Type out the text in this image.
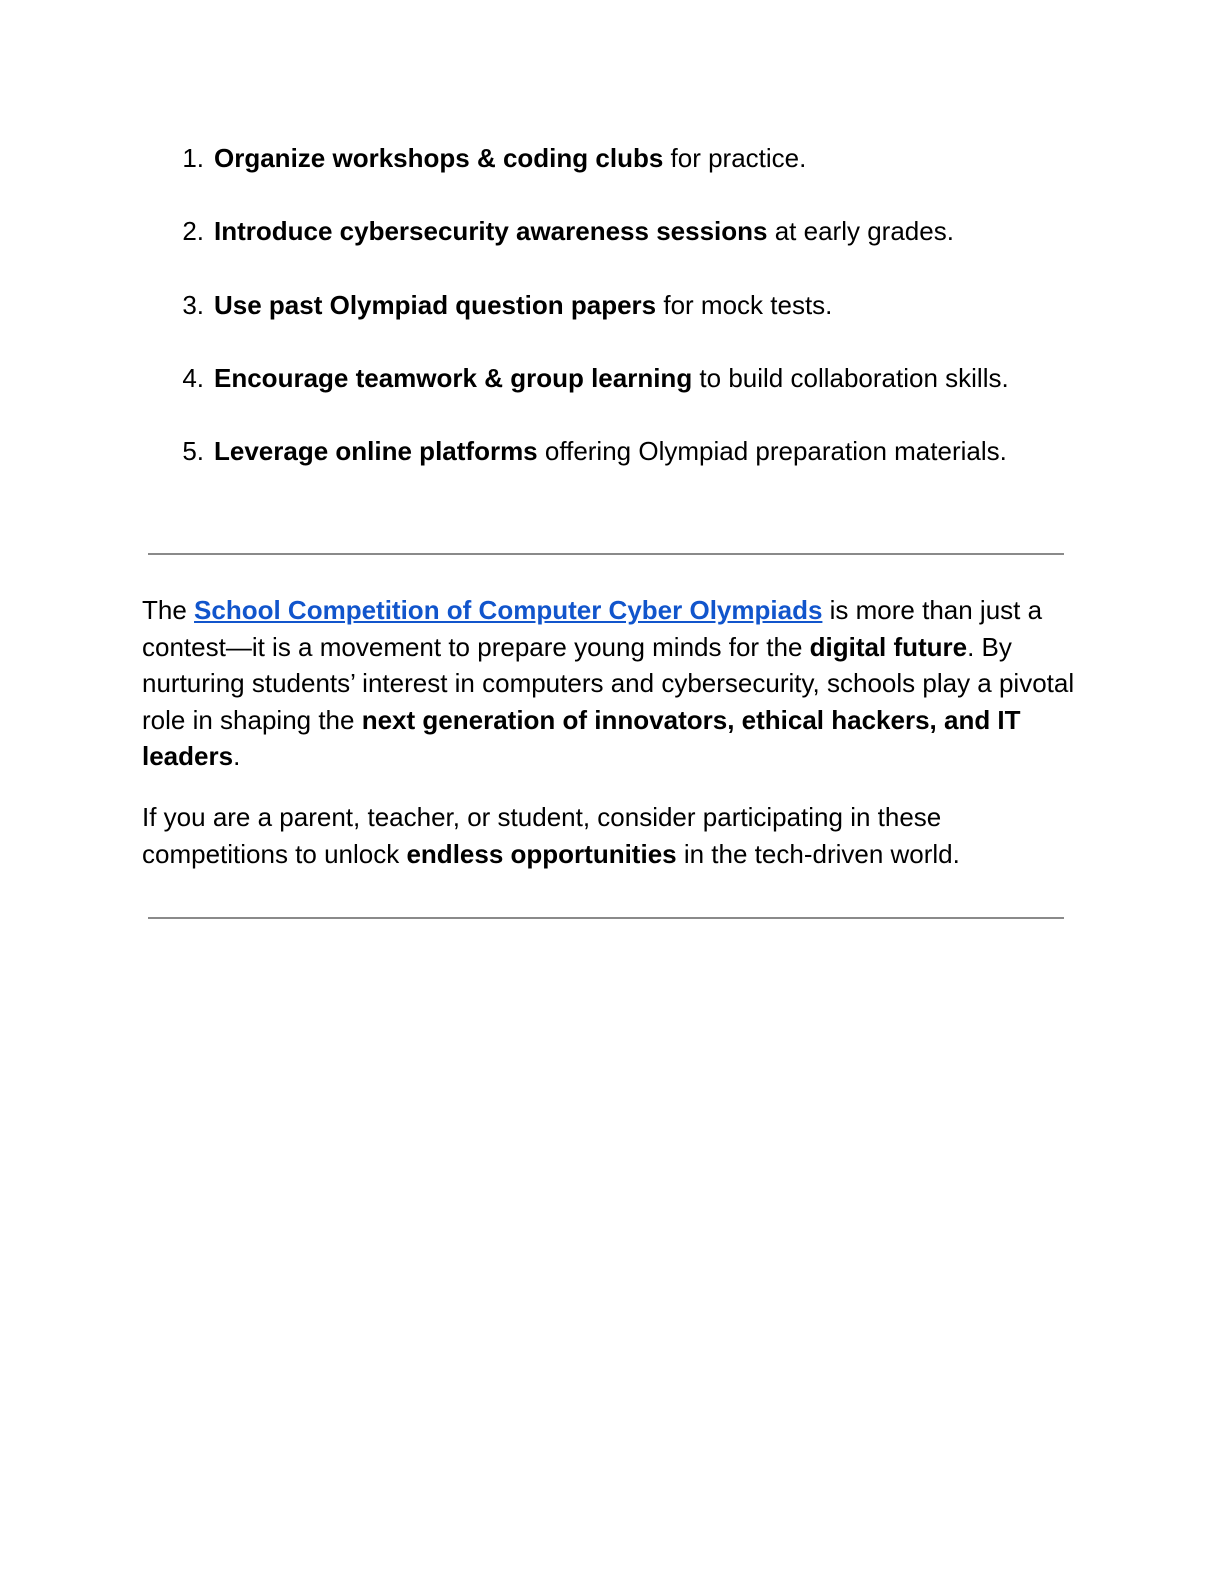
1. Organize workshops & coding clubs for practice.
2. Introduce cybersecurity awareness sessions at early grades.
3. Use past Olympiad question papers for mock tests.
4. Encourage teamwork & group learning to build collaboration skills.
5. Leverage online platforms offering Olympiad preparation materials.

The School Competition of Computer Cyber Olympiads is more than just a contest—it is a movement to prepare young minds for the digital future. By nurturing students’ interest in computers and cybersecurity, schools play a pivotal role in shaping the next generation of innovators, ethical hackers, and IT leaders.

If you are a parent, teacher, or student, consider participating in these competitions to unlock endless opportunities in the tech-driven world.
